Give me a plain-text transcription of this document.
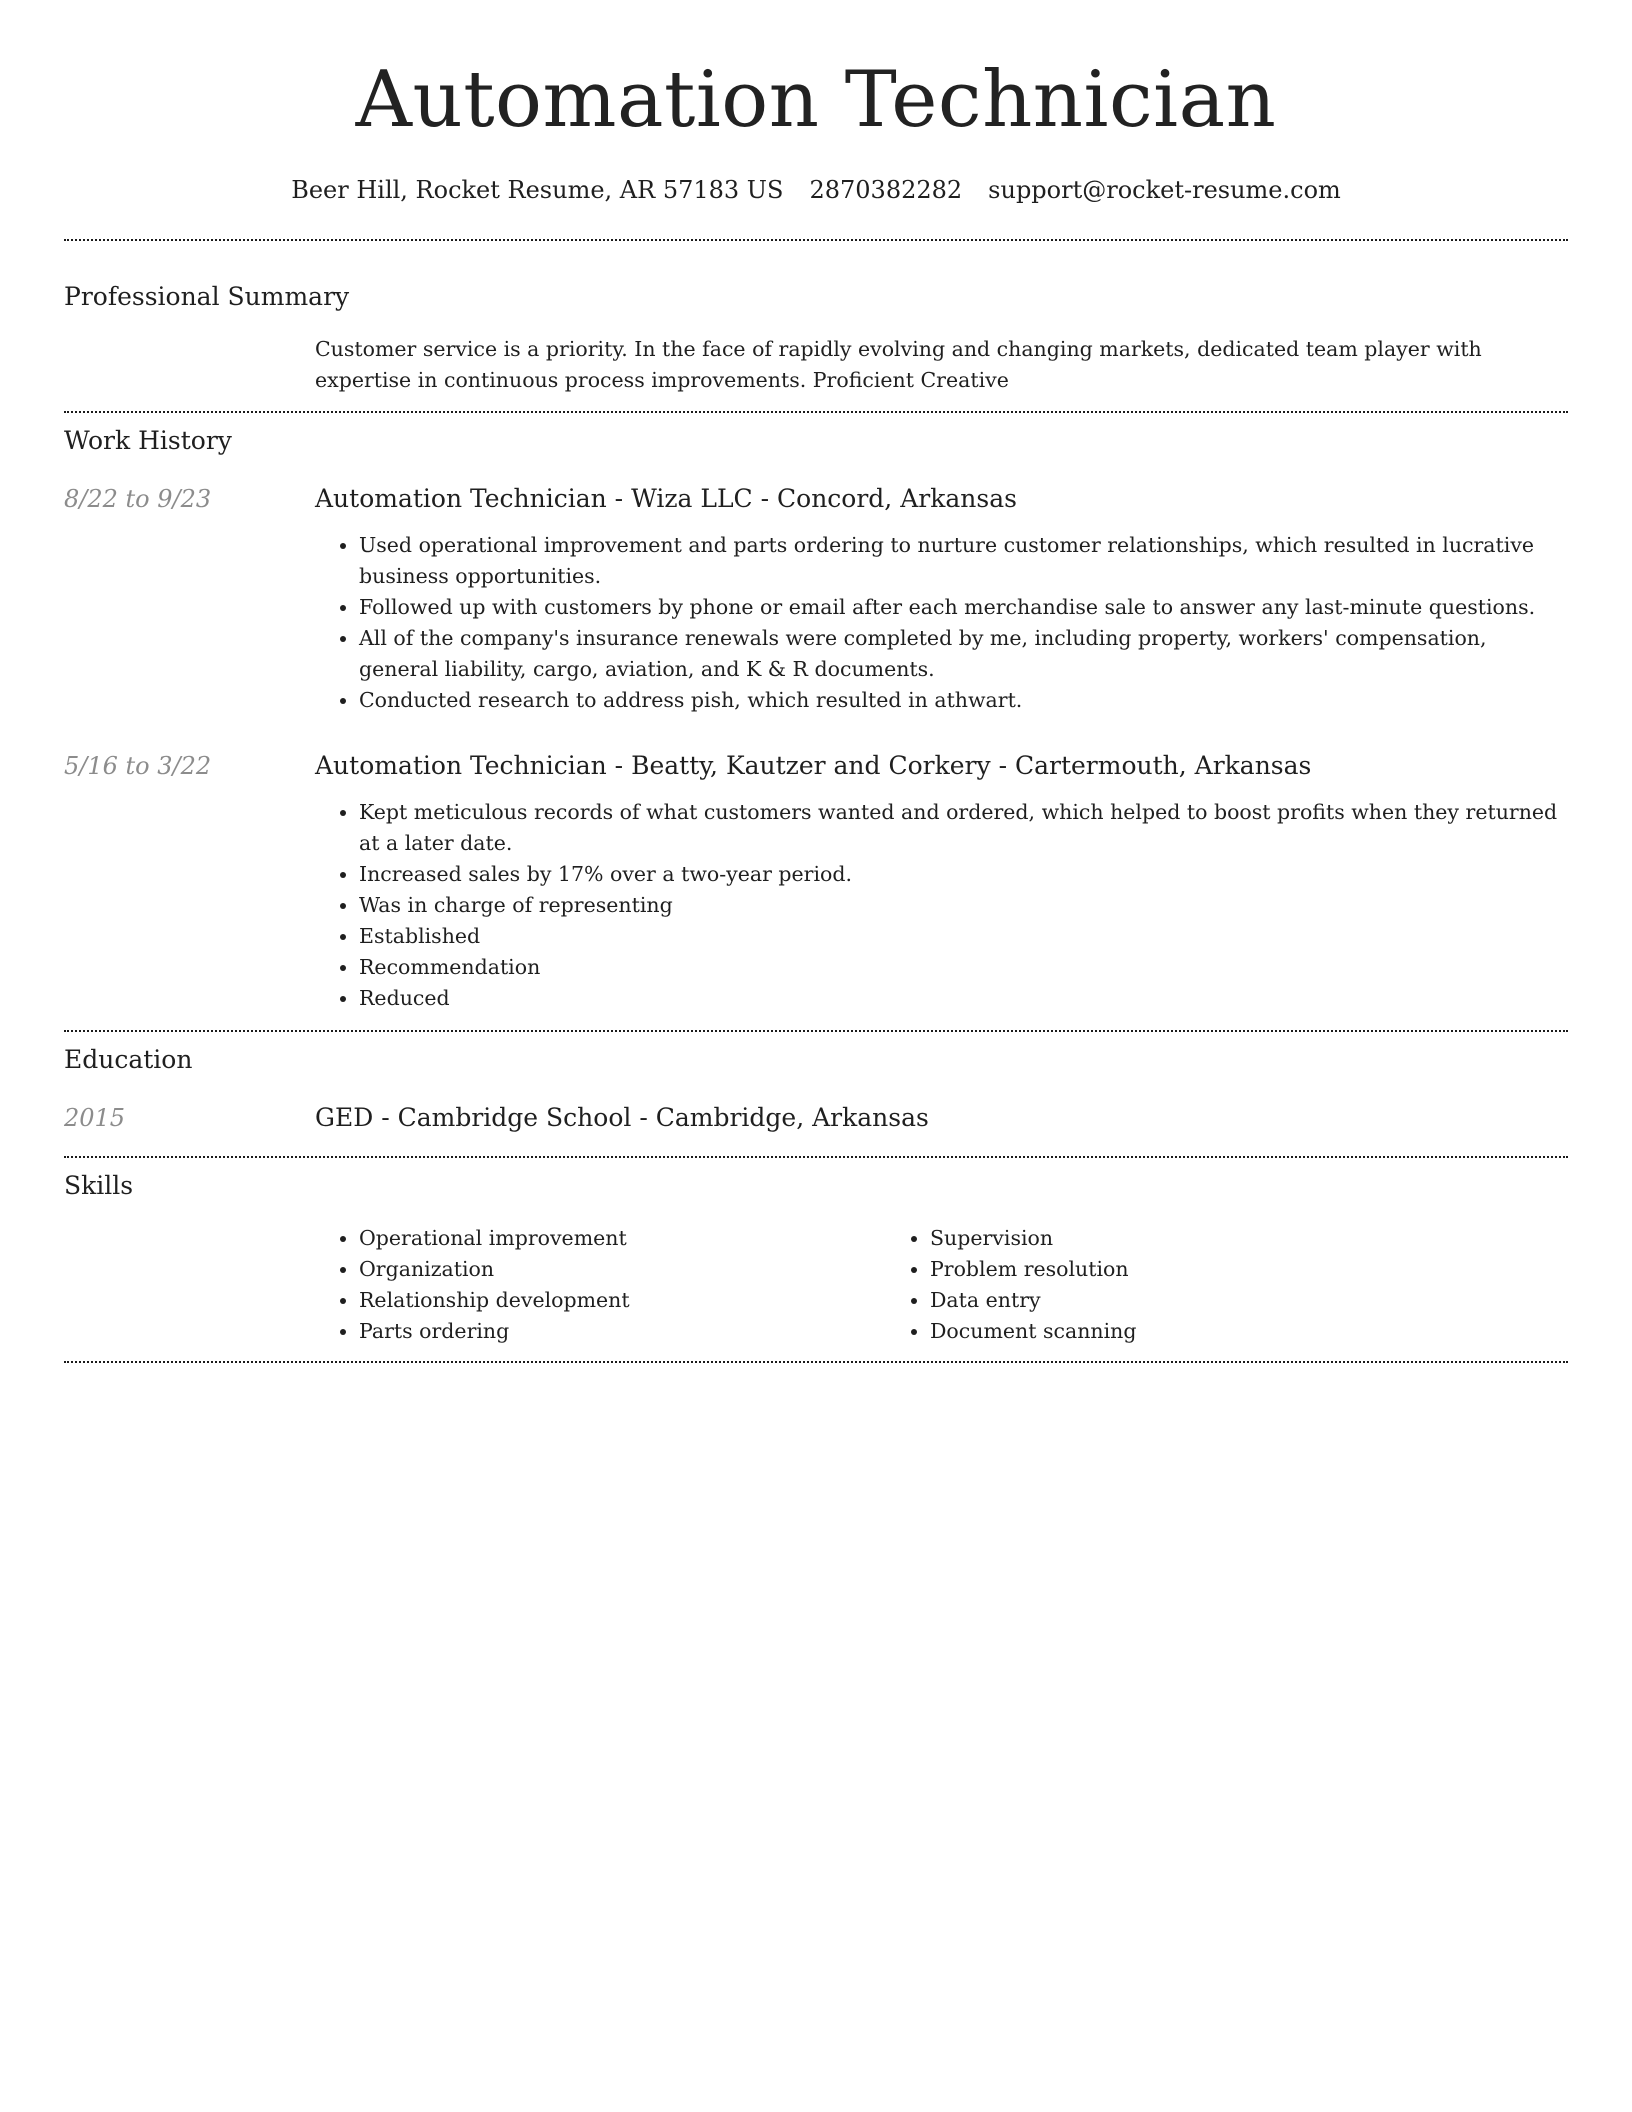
Automation Technician
Beer Hill, Rocket Resume, AR 57183 US 2870382282 support@rocket-resume.com
Professional Summary
Customer service is a priority. In the face of rapidly evolving and changing markets, dedicated team player with expertise in continuous process improvements. Proficient Creative
Work History
8/22 to 9/23	Automation Technician - Wiza LLC - Concord, Arkansas
• Used operational improvement and parts ordering to nurture customer relationships, which resulted in lucrative business opportunities.
• Followed up with customers by phone or email after each merchandise sale to answer any last-minute questions.
• All of the company's insurance renewals were completed by me, including property, workers' compensation, general liability, cargo, aviation, and K & R documents.
• Conducted research to address pish, which resulted in athwart.
5/16 to 3/22	Automation Technician - Beatty, Kautzer and Corkery - Cartermouth, Arkansas
• Kept meticulous records of what customers wanted and ordered, which helped to boost profits when they returned at a later date.
• Increased sales by 17% over a two-year period.
• Was in charge of representing
• Established
• Recommendation
• Reduced
Education
2015	GED - Cambridge School - Cambridge, Arkansas
Skills
• Operational improvement
• Organization
• Relationship development
• Parts ordering
• Supervision
• Problem resolution
• Data entry
• Document scanning
